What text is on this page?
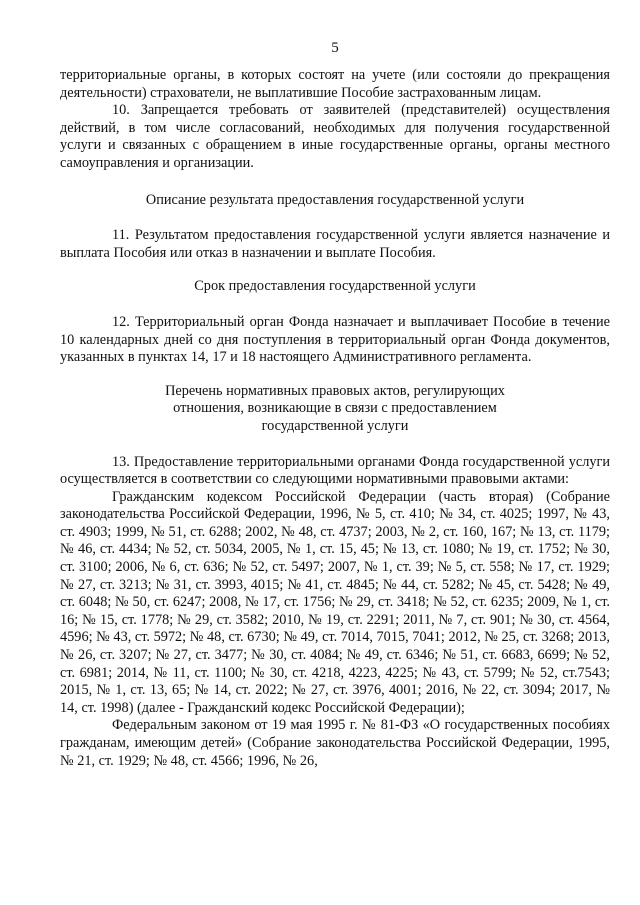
5

территориальные органы, в которых состоят на учете (или состояли до прекращения деятельности) страхователи, не выплатившие Пособие застрахованным лицам.

10. Запрещается требовать от заявителей (представителей) осуществления действий, в том числе согласований, необходимых для получения государственной услуги и связанных с обращением в иные государственные органы, органы местного самоуправления и организации.

Описание результата предоставления государственной услуги

11. Результатом предоставления государственной услуги является назначение и выплата Пособия или отказ в назначении и выплате Пособия.

Срок предоставления государственной услуги

12. Территориальный орган Фонда назначает и выплачивает Пособие в течение 10 календарных дней со дня поступления в территориальный орган Фонда документов, указанных в пунктах 14, 17 и 18 настоящего Административного регламента.

Перечень нормативных правовых актов, регулирующих

отношения, возникающие в связи с предоставлением

государственной услуги

13. Предоставление территориальными органами Фонда государственной услуги осуществляется в соответствии со следующими нормативными правовыми актами:

Гражданским кодексом Российской Федерации (часть вторая) (Собрание законодательства Российской Федерации, 1996, № 5, ст. 410; № 34, ст. 4025; 1997, № 43, ст. 4903; 1999, № 51, ст. 6288; 2002, № 48, ст. 4737; 2003, № 2, ст. 160, 167; № 13, ст. 1179; № 46, ст. 4434; № 52, ст. 5034, 2005, № 1, ст. 15, 45; № 13, ст. 1080; № 19, ст. 1752; № 30, ст. 3100; 2006, № 6, ст. 636; № 52, ст. 5497; 2007, № 1, ст. 39; № 5, ст. 558; № 17, ст. 1929; № 27, ст. 3213; № 31, ст. 3993, 4015; № 41, ст. 4845; № 44, ст. 5282; № 45, ст. 5428; № 49, ст. 6048; № 50, ст. 6247; 2008, № 17, ст. 1756; № 29, ст. 3418; № 52, ст. 6235; 2009, № 1, ст. 16; № 15, ст. 1778; № 29, ст. 3582; 2010, № 19, ст. 2291; 2011, № 7, ст. 901; № 30, ст. 4564, 4596; № 43, ст. 5972; № 48, ст. 6730; № 49, ст. 7014, 7015, 7041; 2012, № 25, ст. 3268; 2013, № 26, ст. 3207; № 27, ст. 3477; № 30, ст. 4084; № 49, ст. 6346; № 51, ст. 6683, 6699; № 52, ст. 6981; 2014, № 11, ст. 1100; № 30, ст. 4218, 4223, 4225; № 43, ст. 5799; № 52, ст.7543; 2015, № 1, ст. 13, 65; № 14, ст. 2022; № 27, ст. 3976, 4001; 2016, № 22, ст. 3094; 2017, № 14, ст. 1998) (далее - Гражданский кодекс Российской Федерации);

Федеральным законом от 19 мая 1995 г. № 81-ФЗ «О государственных пособиях гражданам, имеющим детей» (Собрание законодательства Российской Федерации, 1995, № 21, ст. 1929; № 48, ст. 4566; 1996, № 26,
